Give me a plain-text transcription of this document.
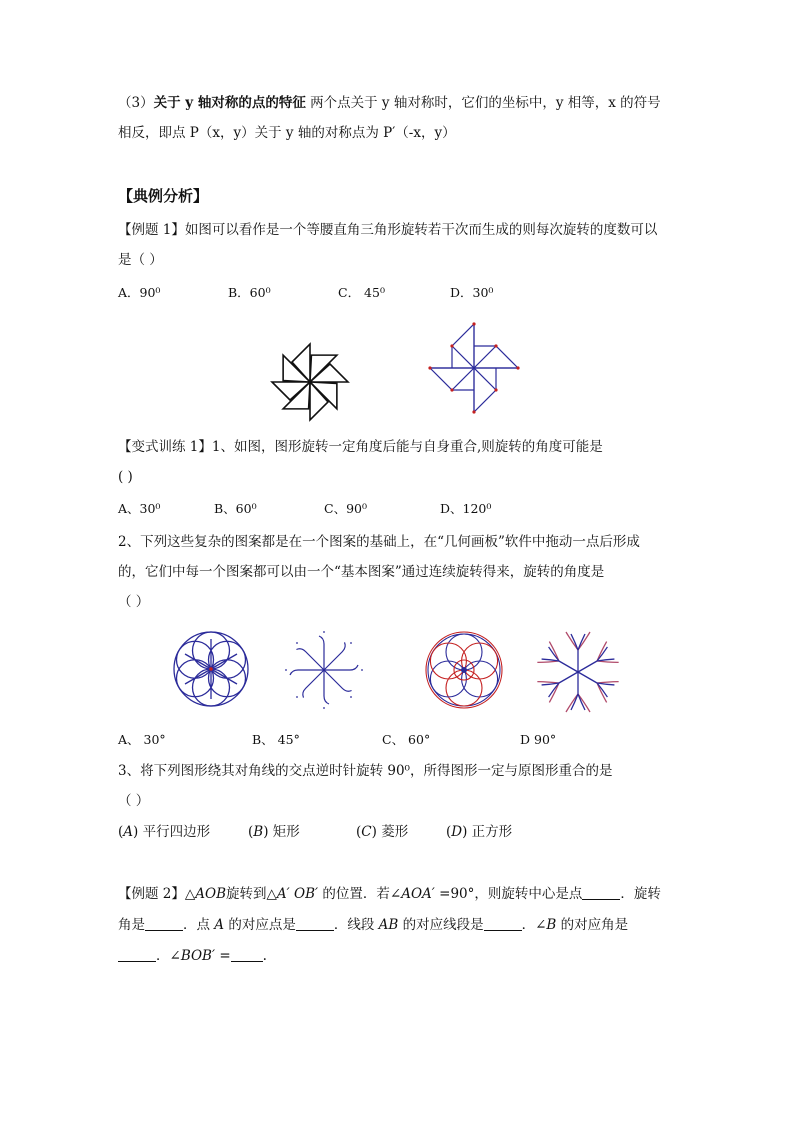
（3）关于 y 轴对称的点的特征 两个点关于 y 轴对称时，它们的坐标中，y 相等，x 的符号
相反，即点 P（x，y）关于 y 轴的对称点为 P′（-x，y）
【典例分析】
【例题 1】如图可以看作是一个等腰直角三角形旋转若干次而生成的则每次旋转的度数可以
是（ ）
A．90⁰	B．60⁰	C． 45⁰	D．30⁰
【变式训练 1】1、如图，图形旋转一定角度后能与自身重合,则旋转的角度可能是
( )
A、30⁰	B、60⁰	C、90⁰	D、120⁰
2、下列这些复杂的图案都是在一个图案的基础上，在“几何画板”软件中拖动一点后形成
的，它们中每一个图案都可以由一个“基本图案”通过连续旋转得来，旋转的角度是
（ ）
A、 30°	B、 45°	C、 60°	D 90°
3、将下列图形绕其对角线的交点逆时针旋转 90⁰，所得图形一定与原图形重合的是
（ ）
(A) 平行四边形	(B) 矩形	(C) 菱形	(D) 正方形
【例题 2】△AOB旋转到△A′ OB′ 的位置．若∠AOA′ =90°，则旋转中心是点	．旋转
角是	．点 A 的对应点是	．线段 AB 的对应线段是	．∠B 的对应角是
．∠BOB′ = .
